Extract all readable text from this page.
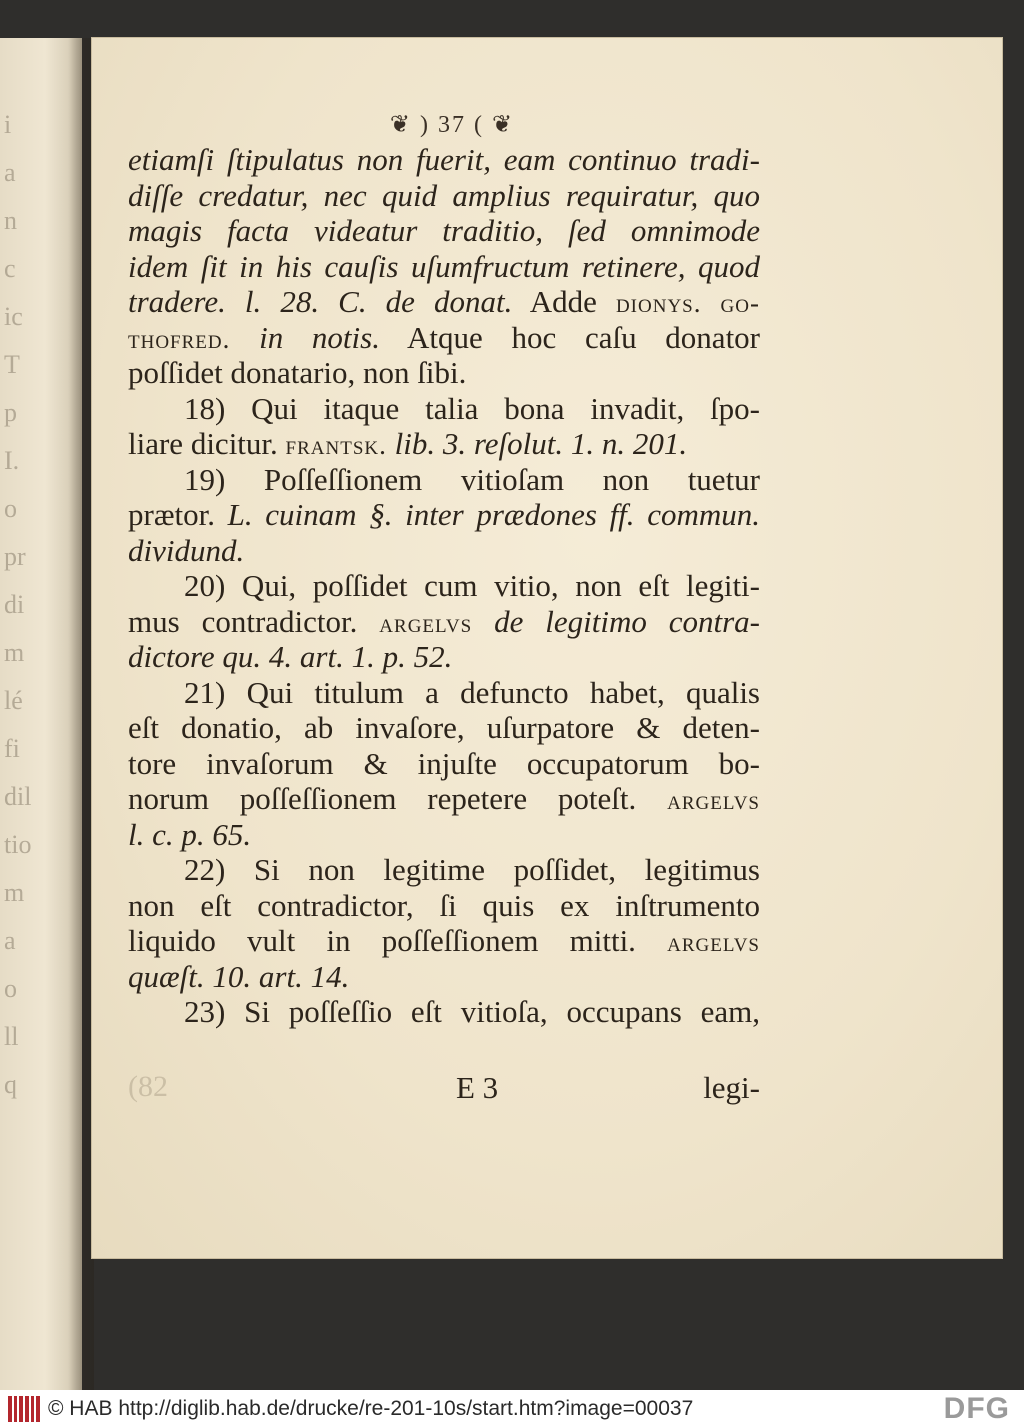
i
a
n
c
ic
T
p
I.
o
pr
di
m
lé
fi
dil
tio
m
a
o
ll
q
❦ ) 37 ( ❦
etiamſi ſtipulatus non fuerit, eam continuo tradi-
diſſe credatur, nec quid amplius requiratur, quo
magis facta videatur traditio, ſed omnimode
idem ſit in his cauſis uſumfructum retinere, quod
tradere. l. 28. C. de donat. Adde dionys. go-
thofred. in notis. Atque hoc caſu donator
poſſidet donatario, non ſibi.
18) Qui itaque talia bona invadit, ſpo-
liare dicitur. frantsk. lib. 3. reſolut. 1. n. 201.
19) Poſſeſſionem vitioſam non tuetur
prætor. L. cuinam §. inter prædones ff. commun.
dividund.
20) Qui, poſſidet cum vitio, non eſt legiti-
mus contradictor. argelvs de legitimo contra-
dictore qu. 4. art. 1. p. 52.
21) Qui titulum a defuncto habet, qualis
eſt donatio, ab invaſore, uſurpatore & deten-
tore invaſorum & injuſte occupatorum bo-
norum poſſeſſionem repetere poteſt. argelvs
l. c. p. 65.
22) Si non legitime poſſidet, legitimus
non eſt contradictor, ſi quis ex inſtrumento
liquido vult in poſſeſſionem mitti. argelvs
quæſt. 10. art. 14.
23) Si poſſeſſio eſt vitioſa, occupans eam,
(82	E 3	legi-
© HAB http://diglib.hab.de/drucke/re-201-10s/start.htm?image=00037	DFG
